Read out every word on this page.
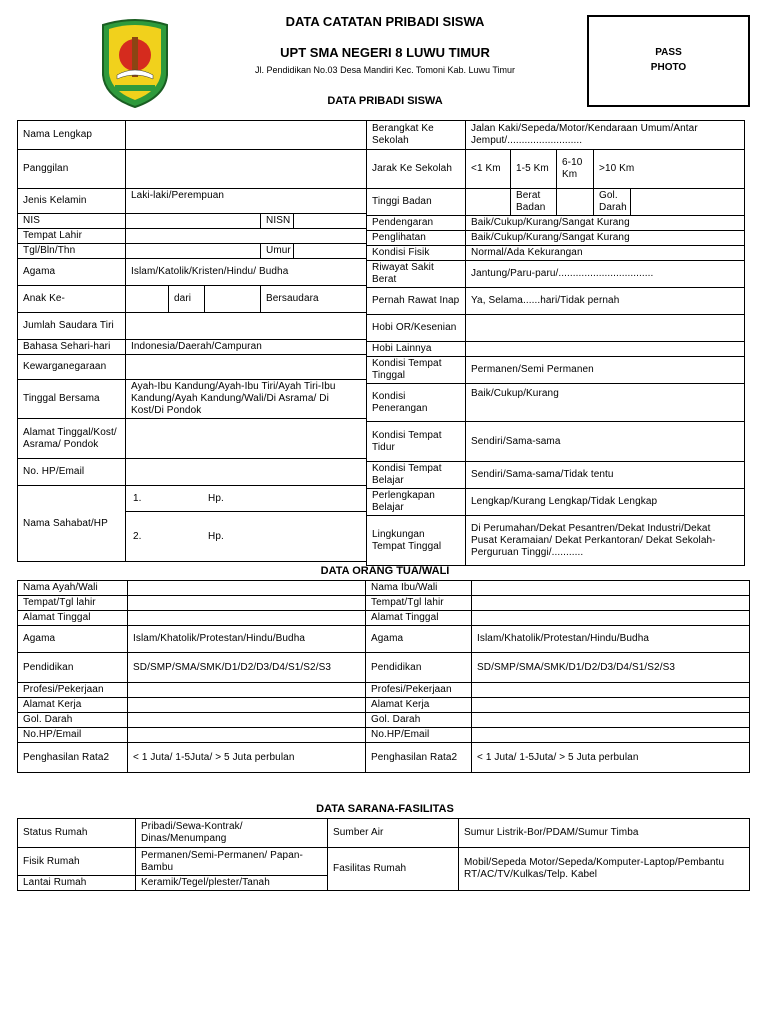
DATA CATATAN PRIBADI SISWA
UPT SMA NEGERI 8 LUWU TIMUR
Jl. Pendidikan No.03 Desa Mandiri Kec. Tomoni Kab. Luwu Timur
PASS
PHOTO
DATA PRIBADI SISWA
Nama Lengkap					
Panggilan					
Jenis Kelamin	Laki-laki/Perempuan				
NIS				NISN	
Tempat Lahir					
Tgl/Bln/Thn				Umur	
Agama	Islam/Katolik/Kristen/Hindu/ Budha				
Anak Ke-		dari		Bersaudara	
Jumlah Saudara Tiri					
Bahasa Sehari-hari	Indonesia/Daerah/Campuran				
Kewarganegaraan					
Tinggal Bersama	Ayah-Ibu Kandung/Ayah-Ibu Tiri/Ayah Tiri-Ibu Kandung/Ayah Kandung/Wali/Di Asrama/ Di Kost/Di Pondok				
Alamat Tinggal/Kost/ Asrama/ Pondok					
No. HP/Email					
Nama Sahabat/HP	1. Hp.				
	2. Hp.				
Berangkat Ke Sekolah	Jalan Kaki/Sepeda/Motor/Kendaraan Umum/Antar Jemput/..........................				
Jarak Ke Sekolah	<1 Km	1-5 Km	6-10 Km	>10 Km	
Tinggi Badan		Berat Badan		Gol. Darah	
Pendengaran	Baik/Cukup/Kurang/Sangat Kurang				
Penglihatan	Baik/Cukup/Kurang/Sangat Kurang				
Kondisi Fisik	Normal/Ada Kekurangan				
Riwayat Sakit Berat	Jantung/Paru-paru/.................................				
Pernah Rawat Inap	Ya, Selama......hari/Tidak pernah				
Hobi OR/Kesenian					
Hobi Lainnya					
Kondisi Tempat Tinggal	Permanen/Semi Permanen				
Kondisi Penerangan	Baik/Cukup/Kurang				
Kondisi Tempat Tidur	Sendiri/Sama-sama				
Kondisi Tempat Belajar	Sendiri/Sama-sama/Tidak tentu				
Perlengkapan Belajar	Lengkap/Kurang Lengkap/Tidak Lengkap				
Lingkungan Tempat Tinggal	Di Perumahan/Dekat Pesantren/Dekat Industri/Dekat Pusat Keramaian/ Dekat Perkantoran/ Dekat Sekolah-Perguruan Tinggi/...........				
DATA ORANG TUA/WALI
Nama Ayah/Wali		Nama Ibu/Wali	
Tempat/Tgl lahir		Tempat/Tgl lahir	
Alamat Tinggal		Alamat Tinggal	
Agama	Islam/Khatolik/Protestan/Hindu/Budha	Agama	Islam/Khatolik/Protestan/Hindu/Budha
Pendidikan	SD/SMP/SMA/SMK/D1/D2/D3/D4/S1/S2/S3	Pendidikan	SD/SMP/SMA/SMK/D1/D2/D3/D4/S1/S2/S3
Profesi/Pekerjaan		Profesi/Pekerjaan	
Alamat Kerja		Alamat Kerja	
Gol. Darah		Gol. Darah	
No.HP/Email		No.HP/Email	
Penghasilan Rata2	< 1 Juta/ 1-5Juta/ > 5 Juta perbulan	Penghasilan Rata2	< 1 Juta/ 1-5Juta/ > 5 Juta perbulan
DATA SARANA-FASILITAS
Status Rumah	Pribadi/Sewa-Kontrak/ Dinas/Menumpang	Sumber Air	Sumur Listrik-Bor/PDAM/Sumur Timba
Fisik Rumah	Permanen/Semi-Permanen/ Papan-Bambu	Fasilitas Rumah	Mobil/Sepeda Motor/Sepeda/Komputer-Laptop/Pembantu RT/AC/TV/Kulkas/Telp. Kabel
Lantai Rumah	Keramik/Tegel/plester/Tanah		
